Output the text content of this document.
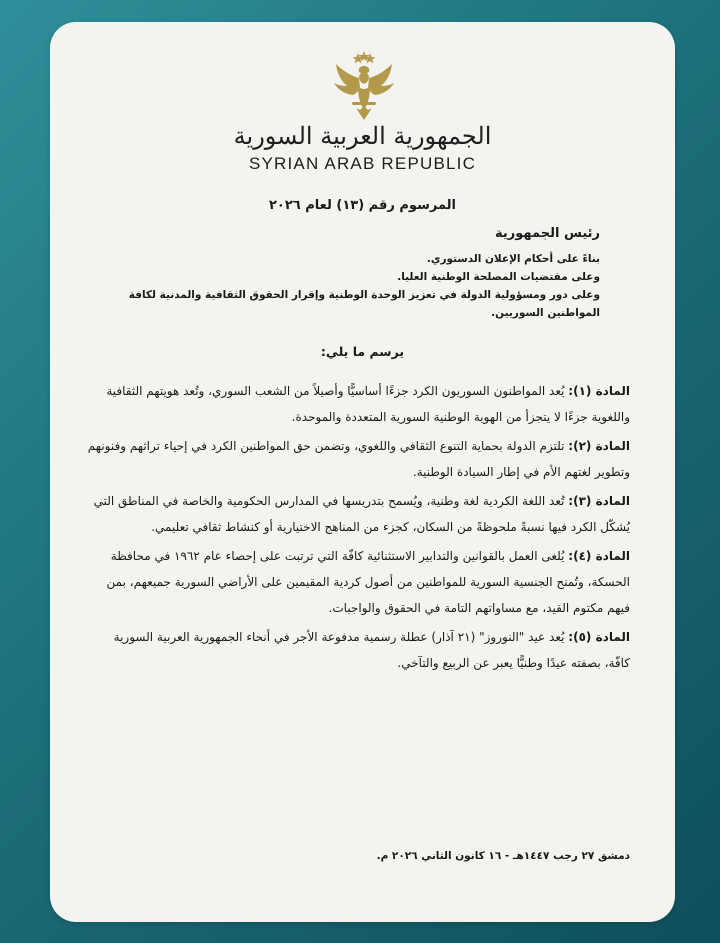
الجمهورية العربية السورية
SYRIAN ARAB REPUBLIC
المرسوم رقم (١٣) لعام ٢٠٢٦
رئيس الجمهورية

بناءً على أحكام الإعلان الدستوري.

وعلى مقتضيات المصلحة الوطنية العليا.

وعلى دور ومسؤولية الدولة في تعزيز الوحدة الوطنية وإقرار الحقوق الثقافية والمدنية لكافة المواطنين السوريين.

يرسم ما يلي:

المادة (١): يُعد المواطنون السوريون الكرد جزءًا أساسيًّا وأصيلاً من الشعب السوري، وتُعد هويتهم الثقافية واللغوية جزءًا لا يتجزأ من الهوية الوطنية السورية المتعددة والموحدة.

المادة (٢): تلتزم الدولة بحماية التنوع الثقافي واللغوي، وتضمن حق المواطنين الكرد في إحياء تراثهم وفنونهم وتطوير لغتهم الأم في إطار السيادة الوطنية.

المادة (٣): تُعد اللغة الكردية لغة وطنية، ويُسمح بتدريسها في المدارس الحكومية والخاصة في المناطق التي يُشكّل الكرد فيها نسبةً ملحوظةً من السكان، كجزء من المناهج الاختيارية أو كنشاط ثقافي تعليمي.

المادة (٤): يُلغى العمل بالقوانين والتدابير الاستثنائية كافّة التي ترتبت على إحصاء عام ١٩٦٢ في محافظة الحسكة، وتُمنح الجنسية السورية للمواطنين من أصول كردية المقيمين على الأراضي السورية جميعهم، بمن فيهم مكتوم القيد، مع مساواتهم التامة في الحقوق والواجبات.

المادة (٥): يُعد عيد "النوروز" (٢١ آذار) عطلة رسمية مدفوعة الأجر في أنحاء الجمهورية العربية السورية كافّة، بصفته عيدًا وطنيًّا يعبر عن الربيع والتآخي.

دمشق ٢٧ رجب ١٤٤٧هـ - ١٦ كانون الثاني ٢٠٢٦ م.
